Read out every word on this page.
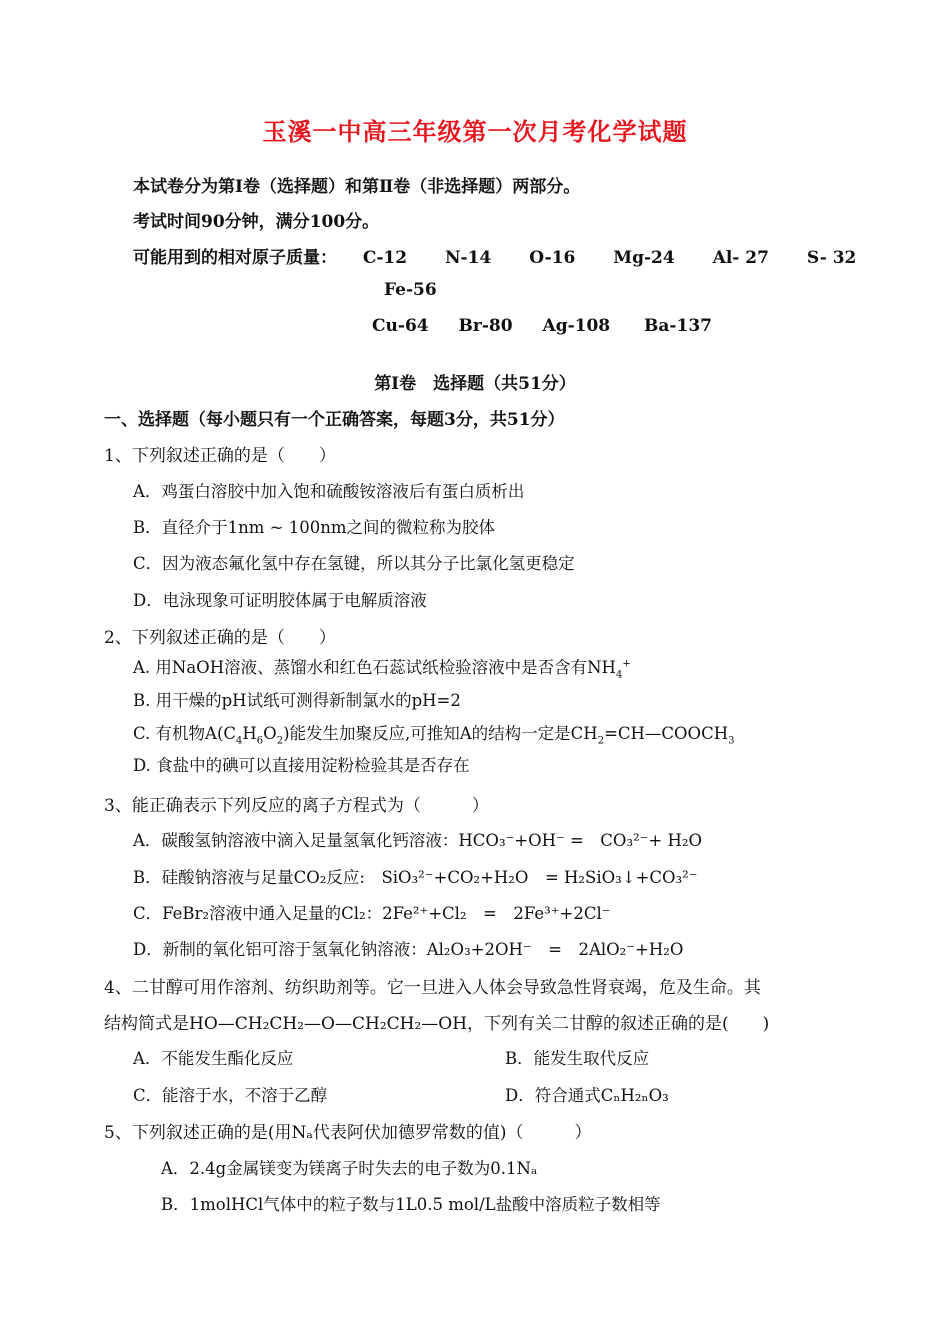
玉溪一中高三年级第一次月考化学试题
本试卷分为第Ⅰ卷（选择题）和第Ⅱ卷（非选择题）两部分。
考试时间90分钟，满分100分。
可能用到的相对原子质量： C-12 N-14 O-16 Mg-24 Al- 27 S- 32
Fe-56
Cu-64 Br-80 Ag-108 Ba-137
第Ⅰ卷　选择题（共51分）
一、选择题（每小题只有一个正确答案，每题3分，共51分）
1、下列叙述正确的是（　　）
A．鸡蛋白溶胶中加入饱和硫酸铵溶液后有蛋白质析出
B．直径介于1nm ~ 100nm之间的微粒称为胶体
C．因为液态氟化氢中存在氢键，所以其分子比氯化氢更稳定
D．电泳现象可证明胶体属于电解质溶液
2、下列叙述正确的是（　　）
A. 用NaOH溶液、蒸馏水和红色石蕊试纸检验溶液中是否含有$NH_4^+$
B. 用干燥的pH试纸可测得新制氯水的pH=2
C. 有机物$A(C_4H_6O_2)$能发生加聚反应,可推知A的结构一定是$CH_2=CH—COOCH_3$
D. 食盐中的碘可以直接用淀粉检验其是否存在
3、能正确表示下列反应的离子方程式为（　　　）
A．碳酸氢钠溶液中滴入足量氢氧化钙溶液：HCO₃⁻+OH⁻ =　CO₃²⁻+ H₂O
B．硅酸钠溶液与足量CO₂反应:　SiO₃²⁻+CO₂+H₂O　= H₂SiO₃↓+CO₃²⁻
C．FeBr₂溶液中通入足量的Cl₂：2Fe²⁺+Cl₂　=　2Fe³⁺+2Cl⁻
D．新制的氧化铝可溶于氢氧化钠溶液：Al₂O₃+2OH⁻　=　2AlO₂⁻+H₂O
4、二甘醇可用作溶剂、纺织助剂等。它一旦进入人体会导致急性肾衰竭，危及生命。其
结构简式是HO—CH₂CH₂—O—CH₂CH₂—OH，下列有关二甘醇的叙述正确的是(　　)
A．不能发生酯化反应	B．能发生取代反应
C．能溶于水，不溶于乙醇	D．符合通式CₙH₂ₙO₃
5、下列叙述正确的是(用Nₐ代表阿伏加德罗常数的值)（　　　）
A．2.4g金属镁变为镁离子时失去的电子数为0.1Nₐ
B．1molHCl气体中的粒子数与1L0.5 mol/L盐酸中溶质粒子数相等
